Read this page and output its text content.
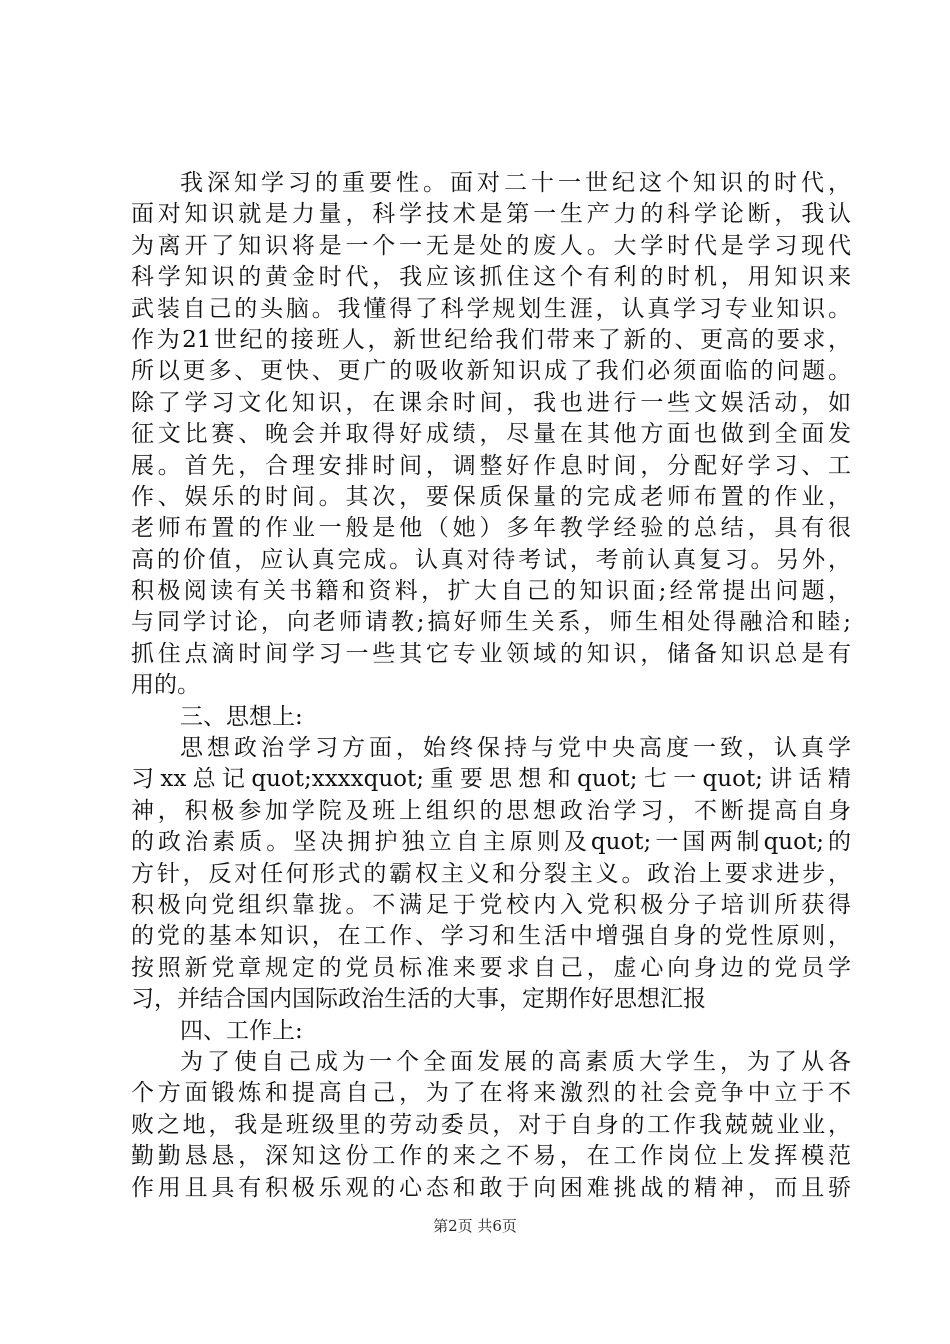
我深知学习的重要性。面对二十一世纪这个知识的时代，
面对知识就是力量，科学技术是第一生产力的科学论断，我认
为离开了知识将是一个一无是处的废人。大学时代是学习现代
科学知识的黄金时代，我应该抓住这个有利的时机，用知识来
武装自己的头脑。我懂得了科学规划生涯，认真学习专业知识。
作为21世纪的接班人，新世纪给我们带来了新的、更高的要求，
所以更多、更快、更广的吸收新知识成了我们必须面临的问题。
除了学习文化知识，在课余时间，我也进行一些文娱活动，如
征文比赛、晚会并取得好成绩，尽量在其他方面也做到全面发
展。首先，合理安排时间，调整好作息时间，分配好学习、工
作、娱乐的时间。其次，要保质保量的完成老师布置的作业，
老师布置的作业一般是他（她）多年教学经验的总结，具有很
高的价值，应认真完成。认真对待考试，考前认真复习。另外，
积极阅读有关书籍和资料，扩大自己的知识面;经常提出问题，
与同学讨论，向老师请教;搞好师生关系，师生相处得融洽和睦;
抓住点滴时间学习一些其它专业领域的知识，储备知识总是有
用的。
三、思想上:
思想政治学习方面，始终保持与党中央高度一致，认真学
习xx总记quot;xxxxquot;重要思想和quot;七一quot;讲话精
神，积极参加学院及班上组织的思想政治学习，不断提高自身
的政治素质。坚决拥护独立自主原则及quot;一国两制quot;的
方针，反对任何形式的霸权主义和分裂主义。政治上要求进步，
积极向党组织靠拢。不满足于党校内入党积极分子培训所获得
的党的基本知识，在工作、学习和生活中增强自身的党性原则，
按照新党章规定的党员标准来要求自己，虚心向身边的党员学
习，并结合国内国际政治生活的大事，定期作好思想汇报
四、工作上:
为了使自己成为一个全面发展的高素质大学生，为了从各
个方面锻炼和提高自己，为了在将来激烈的社会竞争中立于不
败之地，我是班级里的劳动委员，对于自身的工作我兢兢业业，
勤勤恳恳，深知这份工作的来之不易，在工作岗位上发挥模范
作用且具有积极乐观的心态和敢于向困难挑战的精神，而且骄
第2页 共6页
